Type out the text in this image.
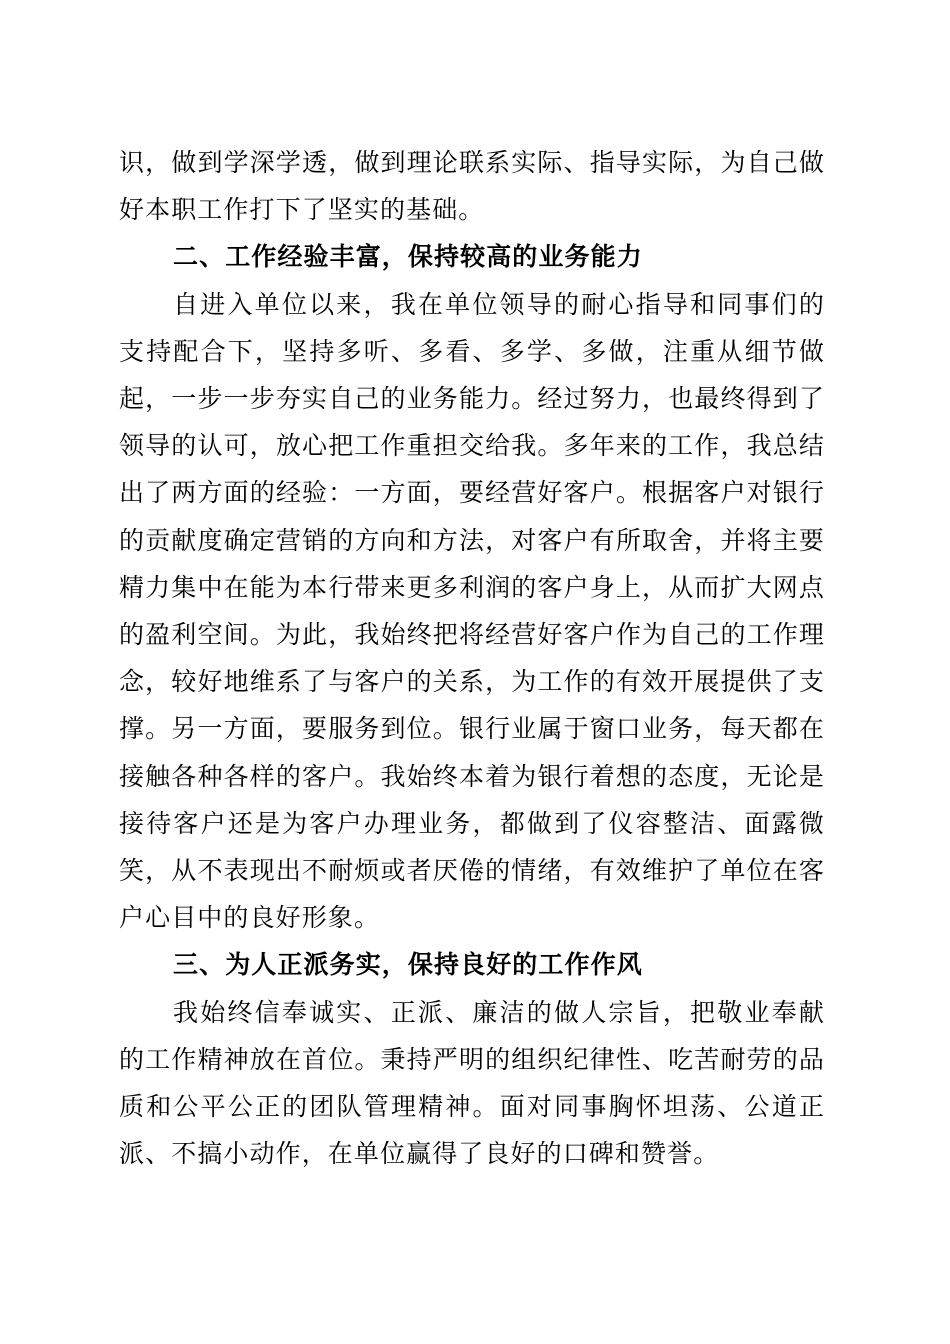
识，做到学深学透，做到理论联系实际、指导实际，为自己做好本职工作打下了坚实的基础。

二、工作经验丰富，保持较高的业务能力

自进入单位以来，我在单位领导的耐心指导和同事们的支持配合下，坚持多听、多看、多学、多做，注重从细节做起，一步一步夯实自己的业务能力。经过努力，也最终得到了领导的认可，放心把工作重担交给我。多年来的工作，我总结出了两方面的经验：一方面，要经营好客户。根据客户对银行的贡献度确定营销的方向和方法，对客户有所取舍，并将主要精力集中在能为本行带来更多利润的客户身上，从而扩大网点的盈利空间。为此，我始终把将经营好客户作为自己的工作理念，较好地维系了与客户的关系，为工作的有效开展提供了支撑。另一方面，要服务到位。银行业属于窗口业务，每天都在接触各种各样的客户。我始终本着为银行着想的态度，无论是接待客户还是为客户办理业务，都做到了仪容整洁、面露微笑，从不表现出不耐烦或者厌倦的情绪，有效维护了单位在客户心目中的良好形象。

三、为人正派务实，保持良好的工作作风

我始终信奉诚实、正派、廉洁的做人宗旨，把敬业奉献的工作精神放在首位。秉持严明的组织纪律性、吃苦耐劳的品质和公平公正的团队管理精神。面对同事胸怀坦荡、公道正派、不搞小动作，在单位赢得了良好的口碑和赞誉。
